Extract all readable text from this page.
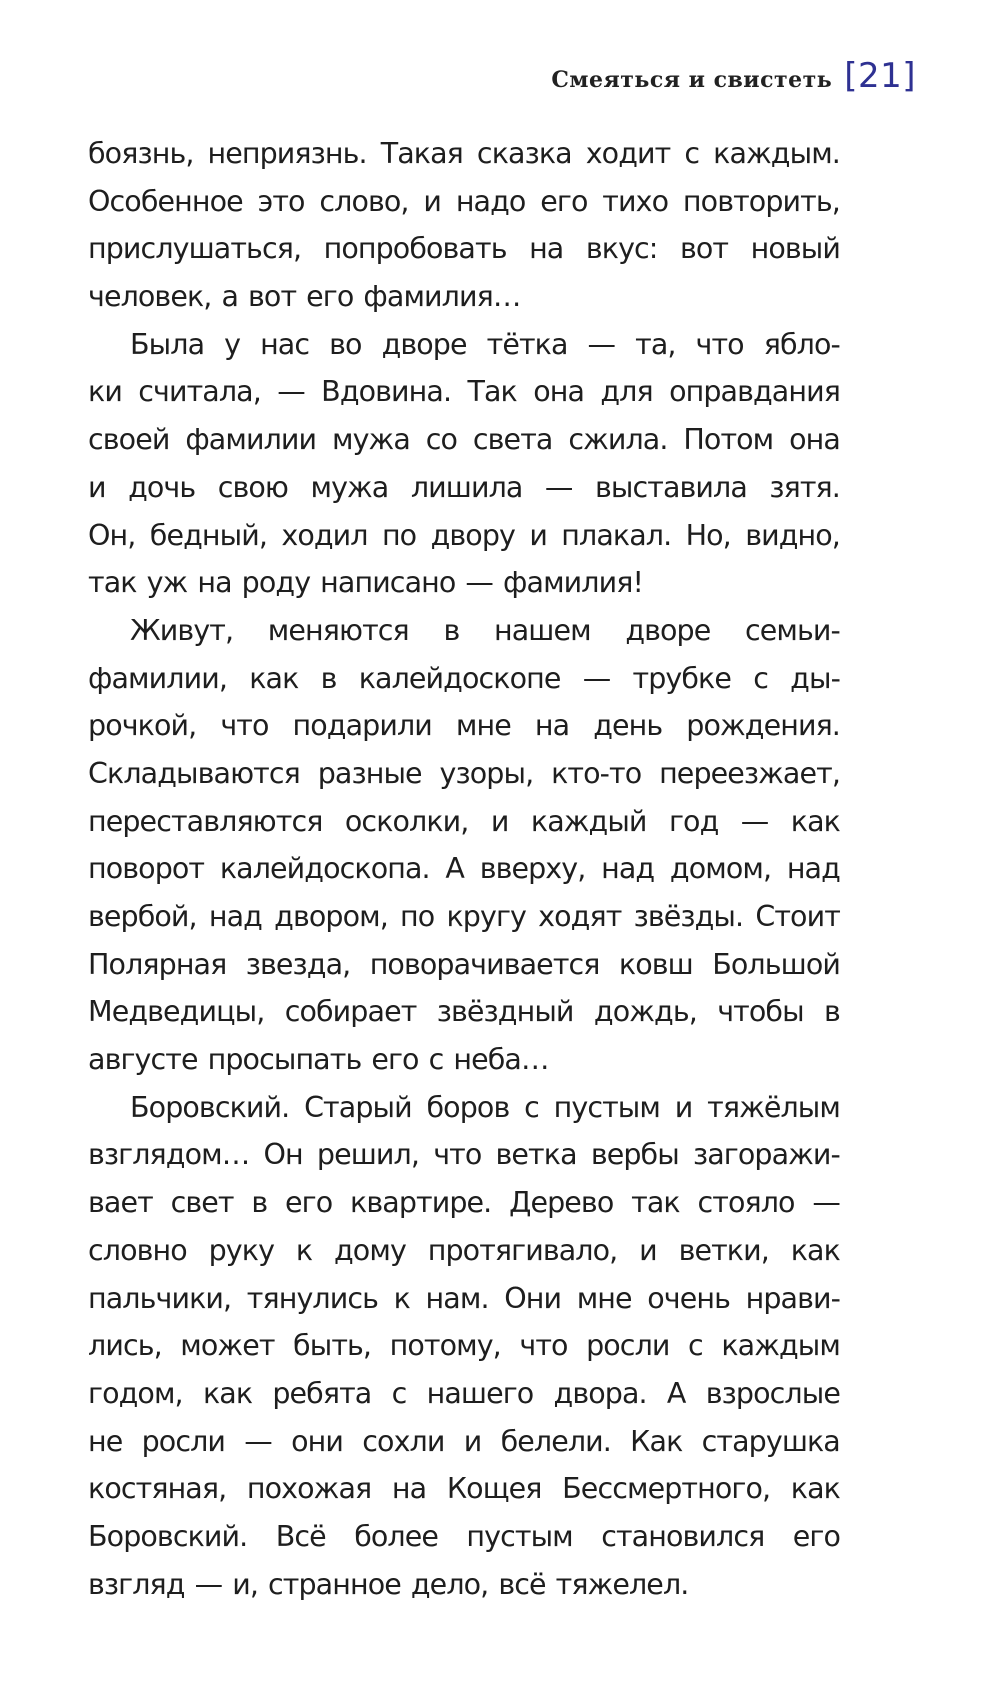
Смеяться и свистеть [21]
боязнь, неприязнь. Такая сказка ходит с каждым.
Особенное это слово, и надо его тихо повторить,
прислушаться, попробовать на вкус: вот новый
человек, а вот его фамилия…
Была у нас во дворе тётка — та, что ябло-
ки считала, — Вдовина. Так она для оправдания
своей фамилии мужа со света сжила. Потом она
и дочь свою мужа лишила — выставила зятя.
Он, бедный, ходил по двору и плакал. Но, видно,
так уж на роду написано — фамилия!
Живут, меняются в нашем дворе семьи-
фамилии, как в калейдоскопе — трубке с ды-
рочкой, что подарили мне на день рождения.
Складываются разные узоры, кто-то переезжает,
переставляются осколки, и каждый год — как
поворот калейдоскопа. А вверху, над домом, над
вербой, над двором, по кругу ходят звёзды. Стоит
Полярная звезда, поворачивается ковш Большой
Медведицы, собирает звёздный дождь, чтобы в
августе просыпать его с неба…
Боровский. Старый боров с пустым и тяжёлым
взглядом… Он решил, что ветка вербы загоражи-
вает свет в его квартире. Дерево так стояло —
словно руку к дому протягивало, и ветки, как
пальчики, тянулись к нам. Они мне очень нрави-
лись, может быть, потому, что росли с каждым
годом, как ребята с нашего двора. А взрослые
не росли — они сохли и белели. Как старушка
костяная, похожая на Кощея Бессмертного, как
Боровский. Всё более пустым становился его
взгляд — и, странное дело, всё тяжелел.
